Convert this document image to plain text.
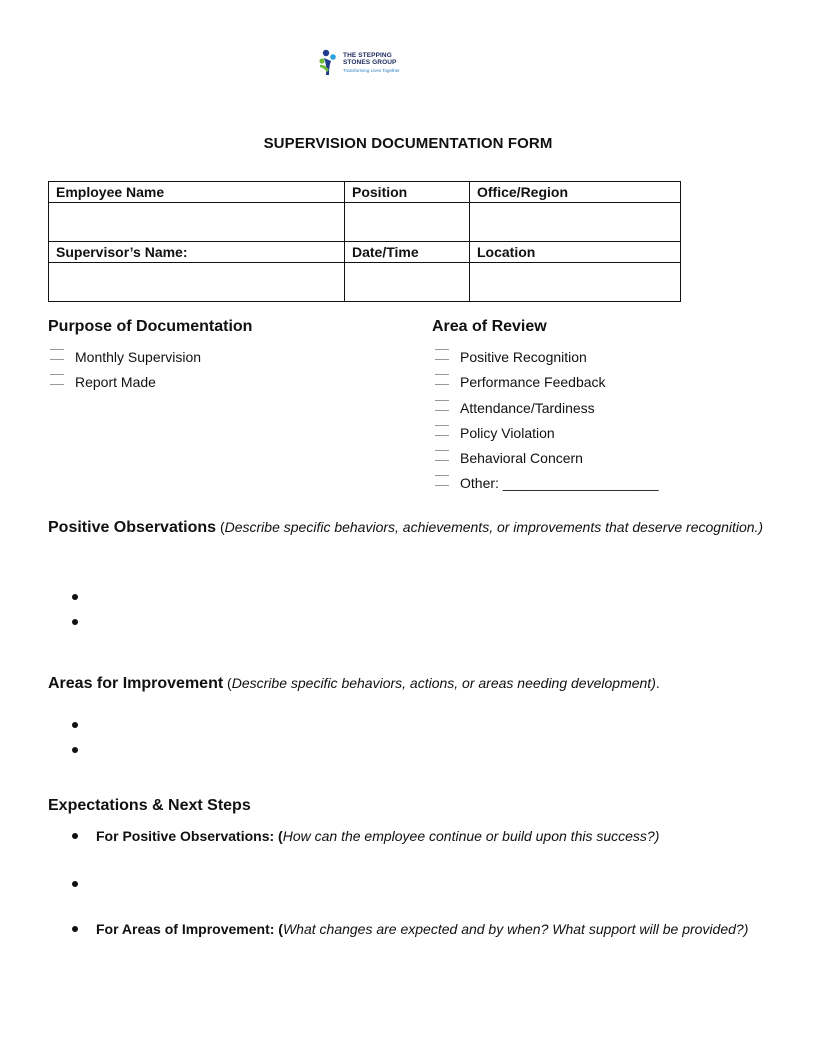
THE STEPPING
STONES GROUP
Transforming Lives Together
SUPERVISION DOCUMENTATION FORM
Employee Name	Position	Office/Region

Supervisor’s Name:	Date/Time	Location

Purpose of Documentation
Monthly Supervision
Report Made
Area of Review
Positive Recognition
Performance Feedback
Attendance/Tardiness
Policy Violation
Behavioral Concern
Other: ____________________
Positive Observations (Describe specific behaviors, achievements, or improvements that deserve recognition.)
Areas for Improvement (Describe specific behaviors, actions, or areas needing development).
Expectations & Next Steps
For Positive Observations: (How can the employee continue or build upon this success?)
For Areas of Improvement: (What changes are expected and by when? What support will be provided?)
